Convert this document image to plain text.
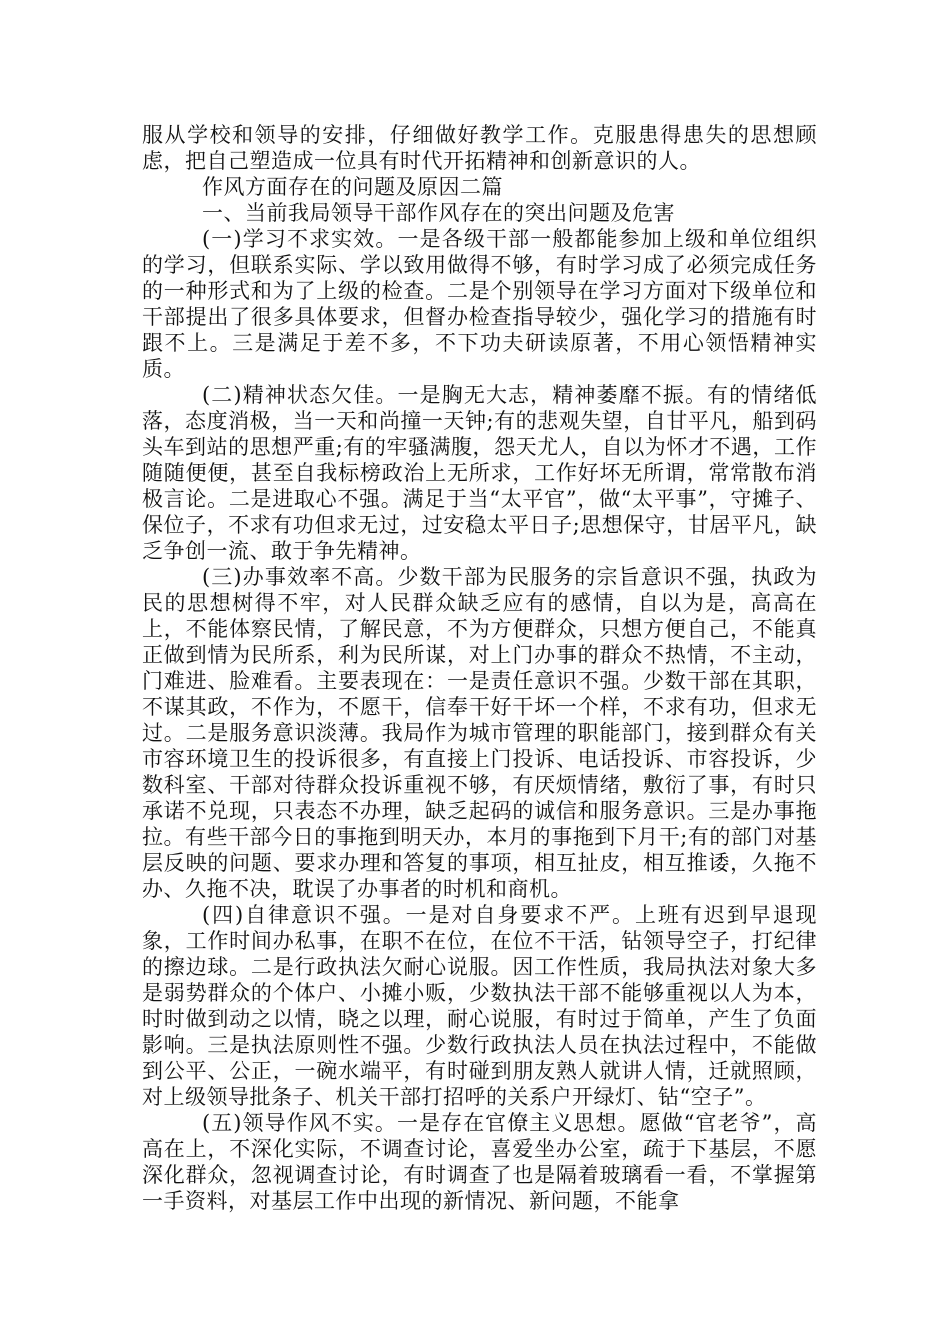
服从学校和领导的安排，仔细做好教学工作。克服患得患失的思想顾虑，把自己塑造成一位具有时代开拓精神和创新意识的人。

作风方面存在的问题及原因二篇

一、当前我局领导干部作风存在的突出问题及危害

(一)学习不求实效。一是各级干部一般都能参加上级和单位组织的学习，但联系实际、学以致用做得不够，有时学习成了必须完成任务的一种形式和为了上级的检查。二是个别领导在学习方面对下级单位和干部提出了很多具体要求，但督办检查指导较少，强化学习的措施有时跟不上。三是满足于差不多，不下功夫研读原著，不用心领悟精神实质。

(二)精神状态欠佳。一是胸无大志，精神萎靡不振。有的情绪低落，态度消极，当一天和尚撞一天钟;有的悲观失望，自甘平凡，船到码头车到站的思想严重;有的牢骚满腹，怨天尤人，自以为怀才不遇，工作随随便便，甚至自我标榜政治上无所求，工作好坏无所谓，常常散布消极言论。二是进取心不强。满足于当“太平官”，做“太平事”，守摊子、保位子，不求有功但求无过，过安稳太平日子;思想保守，甘居平凡，缺乏争创一流、敢于争先精神。

(三)办事效率不高。少数干部为民服务的宗旨意识不强，执政为民的思想树得不牢，对人民群众缺乏应有的感情，自以为是，高高在上，不能体察民情，了解民意，不为方便群众，只想方便自己，不能真正做到情为民所系，利为民所谋，对上门办事的群众不热情，不主动，门难进、脸难看。主要表现在：一是责任意识不强。少数干部在其职，不谋其政，不作为，不愿干，信奉干好干坏一个样，不求有功，但求无过。二是服务意识淡薄。我局作为城市管理的职能部门，接到群众有关市容环境卫生的投诉很多，有直接上门投诉、电话投诉、市容投诉，少数科室、干部对待群众投诉重视不够，有厌烦情绪，敷衍了事，有时只承诺不兑现，只表态不办理，缺乏起码的诚信和服务意识。三是办事拖拉。有些干部今日的事拖到明天办，本月的事拖到下月干;有的部门对基层反映的问题、要求办理和答复的事项，相互扯皮，相互推诿，久拖不办、久拖不决，耽误了办事者的时机和商机。

(四)自律意识不强。一是对自身要求不严。上班有迟到早退现象，工作时间办私事，在职不在位，在位不干活，钻领导空子，打纪律的擦边球。二是行政执法欠耐心说服。因工作性质，我局执法对象大多是弱势群众的个体户、小摊小贩，少数执法干部不能够重视以人为本，时时做到动之以情，晓之以理，耐心说服，有时过于简单，产生了负面影响。三是执法原则性不强。少数行政执法人员在执法过程中，不能做到公平、公正，一碗水端平，有时碰到朋友熟人就讲人情，迁就照顾，对上级领导批条子、机关干部打招呼的关系户开绿灯、钻“空子”。

(五)领导作风不实。一是存在官僚主义思想。愿做“官老爷”，高高在上，不深化实际，不调查讨论，喜爱坐办公室，疏于下基层，不愿深化群众，忽视调查讨论，有时调查了也是隔着玻璃看一看，不掌握第一手资料，对基层工作中出现的新情况、新问题，不能拿
